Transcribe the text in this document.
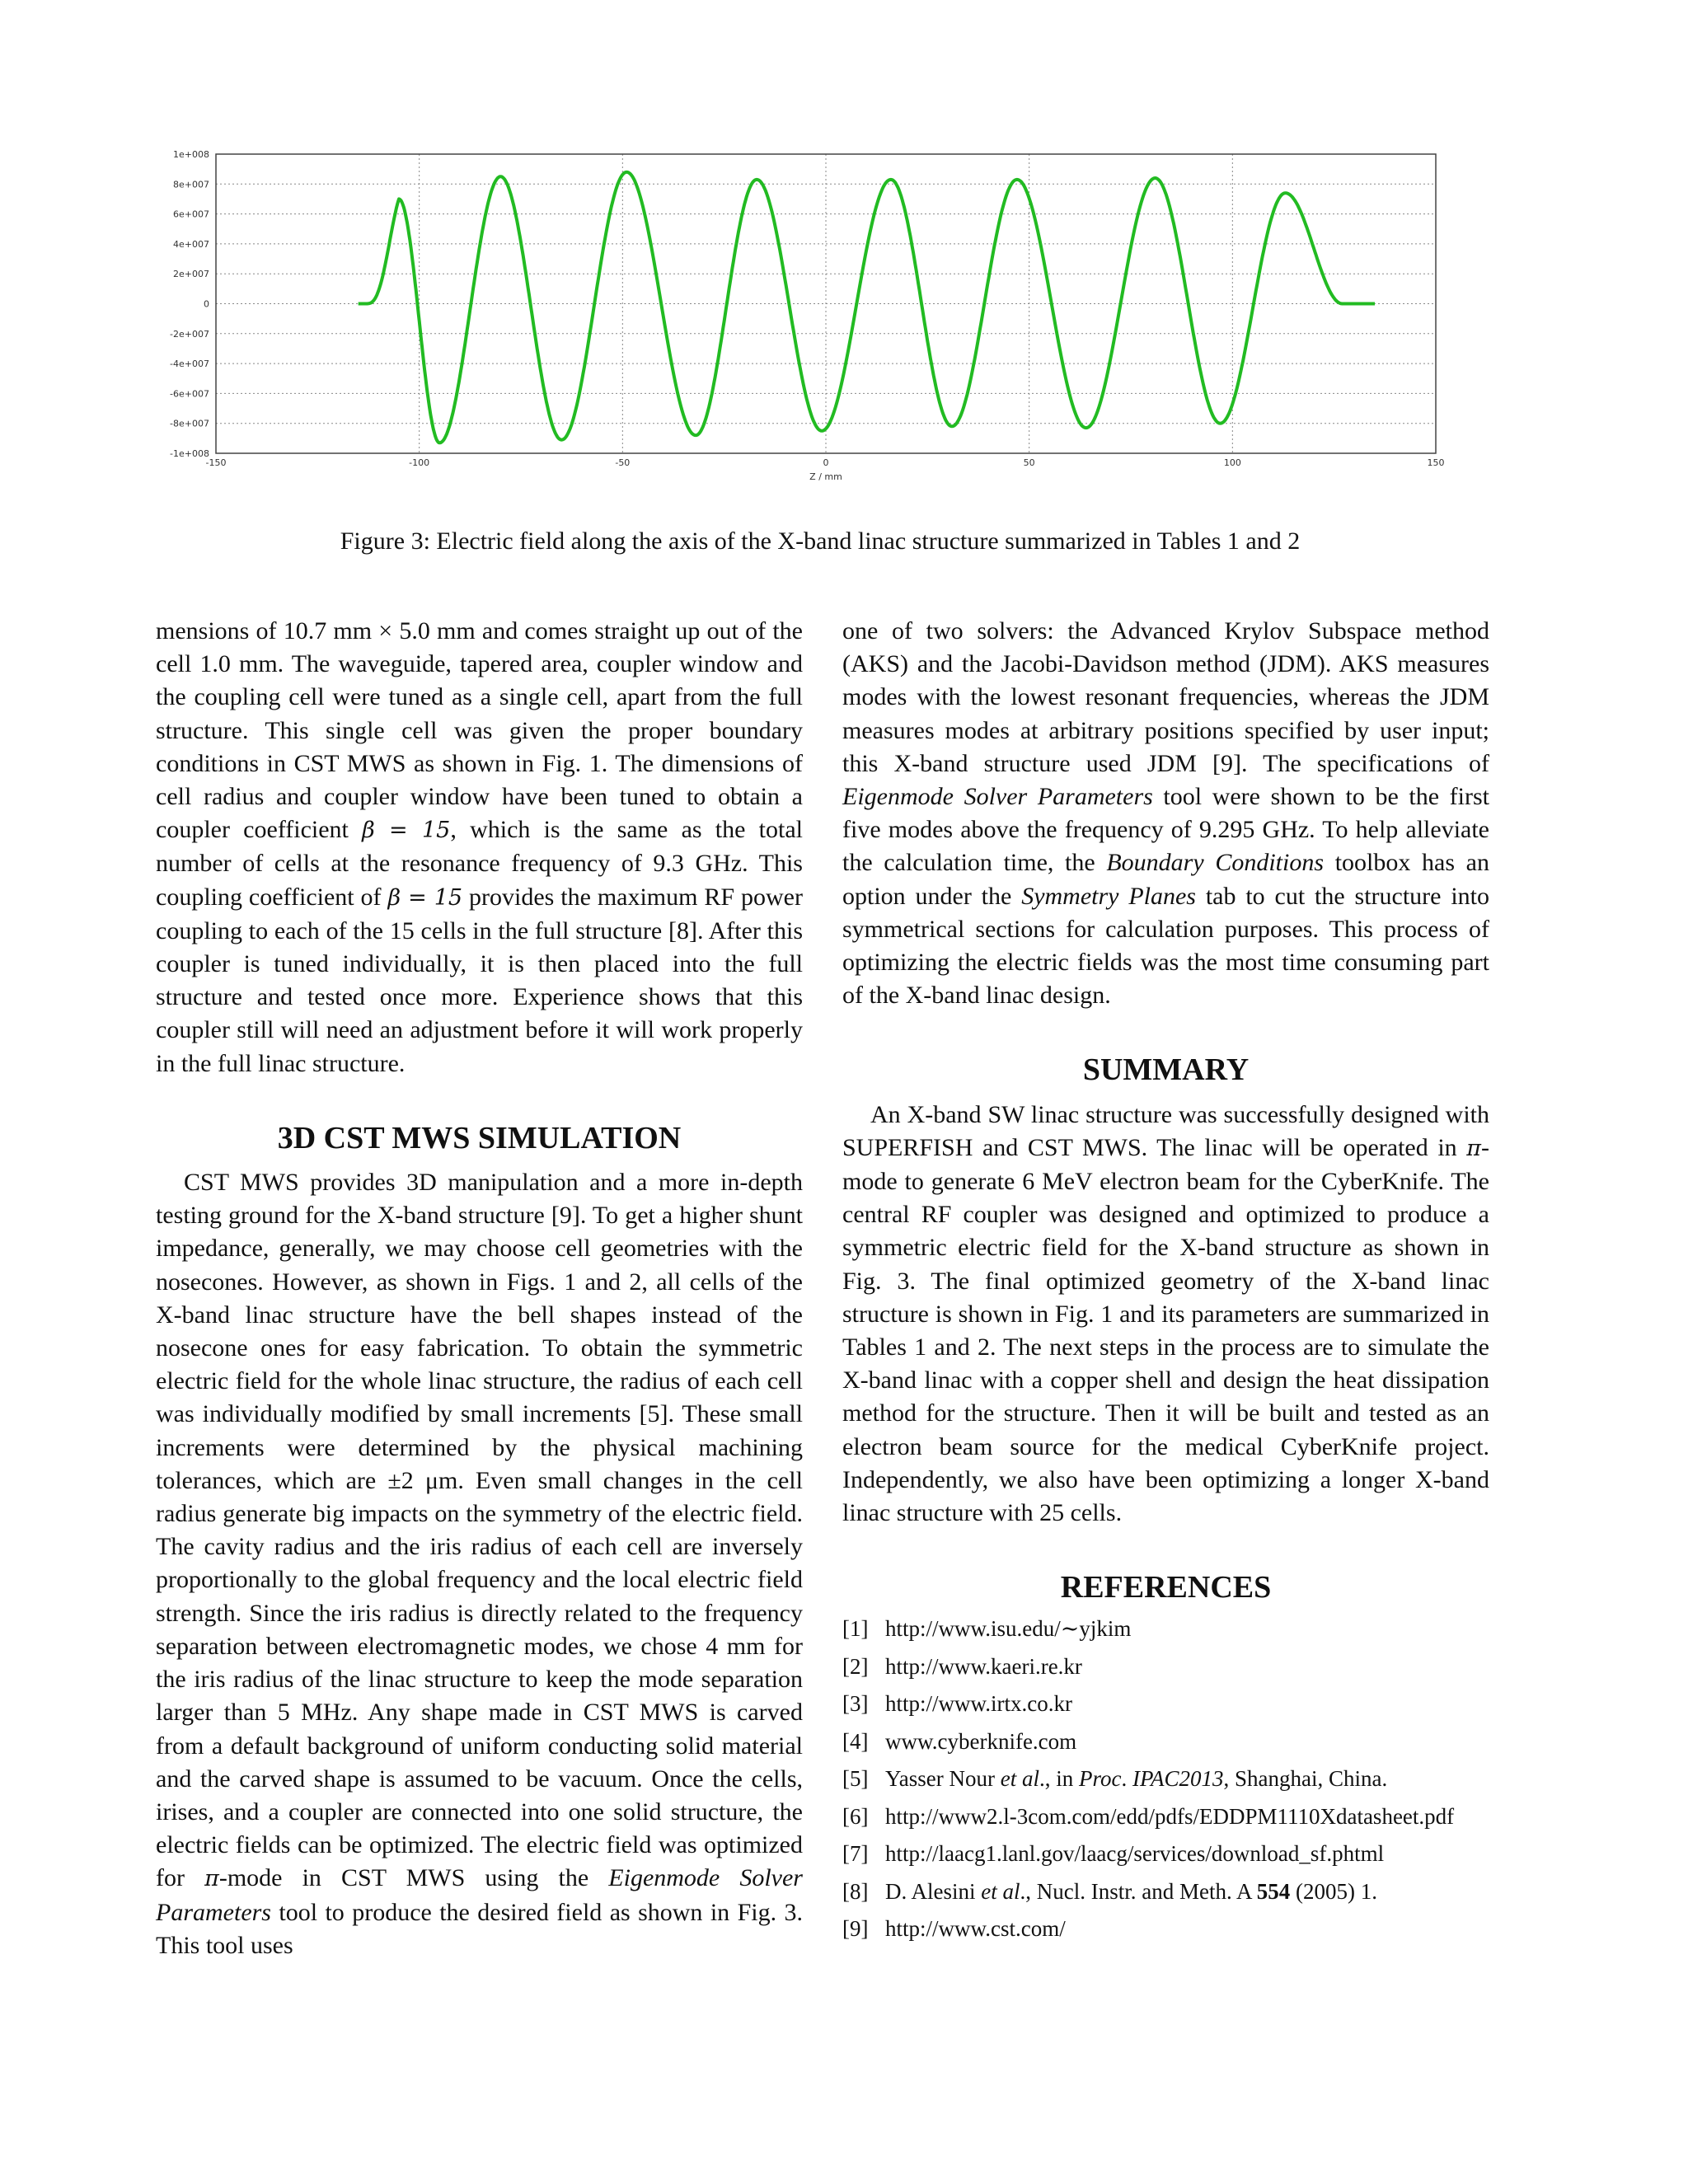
1e+008
8e+007
6e+007
4e+007
2e+007
0
-2e+007
-4e+007
-6e+007
-8e+007
-1e+008
-150	-100	-50	0	50	100	150
Z / mm
Figure 3: Electric field along the axis of the X-band linac structure summarized in Tables 1 and 2

mensions of 10.7 mm × 5.0 mm and comes straight up out of the cell 1.0 mm. The waveguide, tapered area, coupler window and the coupling cell were tuned as a single cell, apart from the full structure. This single cell was given the proper boundary conditions in CST MWS as shown in Fig. 1. The dimensions of cell radius and coupler window have been tuned to obtain a coupler coefficient β = 15, which is the same as the total number of cells at the resonance frequency of 9.3 GHz. This coupling coefficient of β = 15 provides the maximum RF power coupling to each of the 15 cells in the full structure [8]. After this coupler is tuned individually, it is then placed into the full structure and tested once more. Experience shows that this coupler still will need an adjustment before it will work properly in the full linac structure.

3D CST MWS SIMULATION

CST MWS provides 3D manipulation and a more in-depth testing ground for the X-band structure [9]. To get a higher shunt impedance, generally, we may choose cell geometries with the nosecones. However, as shown in Figs. 1 and 2, all cells of the X-band linac structure have the bell shapes instead of the nosecone ones for easy fabrication. To obtain the symmetric electric field for the whole linac structure, the radius of each cell was individually modified by small increments [5]. These small increments were determined by the physical machining tolerances, which are ±2 μm. Even small changes in the cell radius generate big impacts on the symmetry of the electric field. The cavity radius and the iris radius of each cell are inversely proportionally to the global frequency and the local electric field strength. Since the iris radius is directly related to the frequency separation between electromagnetic modes, we chose 4 mm for the iris radius of the linac structure to keep the mode separation larger than 5 MHz. Any shape made in CST MWS is carved from a default background of uniform conducting solid material and the carved shape is assumed to be vacuum. Once the cells, irises, and a coupler are connected into one solid structure, the electric fields can be optimized. The electric field was optimized for π-mode in CST MWS using the Eigenmode Solver Parameters tool to produce the desired field as shown in Fig. 3. This tool uses

one of two solvers: the Advanced Krylov Subspace method (AKS) and the Jacobi-Davidson method (JDM). AKS measures modes with the lowest resonant frequencies, whereas the JDM measures modes at arbitrary positions specified by user input; this X-band structure used JDM [9]. The specifications of Eigenmode Solver Parameters tool were shown to be the first five modes above the frequency of 9.295 GHz. To help alleviate the calculation time, the Boundary Conditions toolbox has an option under the Symmetry Planes tab to cut the structure into symmetrical sections for calculation purposes. This process of optimizing the electric fields was the most time consuming part of the X-band linac design.

SUMMARY

An X-band SW linac structure was successfully designed with SUPERFISH and CST MWS. The linac will be operated in π-mode to generate 6 MeV electron beam for the CyberKnife. The central RF coupler was designed and optimized to produce a symmetric electric field for the X-band structure as shown in Fig. 3. The final optimized geometry of the X-band linac structure is shown in Fig. 1 and its parameters are summarized in Tables 1 and 2. The next steps in the process are to simulate the X-band linac with a copper shell and design the heat dissipation method for the structure. Then it will be built and tested as an electron beam source for the medical CyberKnife project. Independently, we also have been optimizing a longer X-band linac structure with 25 cells.

REFERENCES
[1] http://www.isu.edu/∼yjkim
[2] http://www.kaeri.re.kr
[3] http://www.irtx.co.kr
[4] www.cyberknife.com
[5] Yasser Nour et al., in Proc. IPAC2013, Shanghai, China.
[6] http://www2.l-3com.com/edd/pdfs/EDDPM1110Xdatasheet.pdf
[7] http://laacg1.lanl.gov/laacg/services/download_sf.phtml
[8] D. Alesini et al., Nucl. Instr. and Meth. A 554 (2005) 1.
[9] http://www.cst.com/
